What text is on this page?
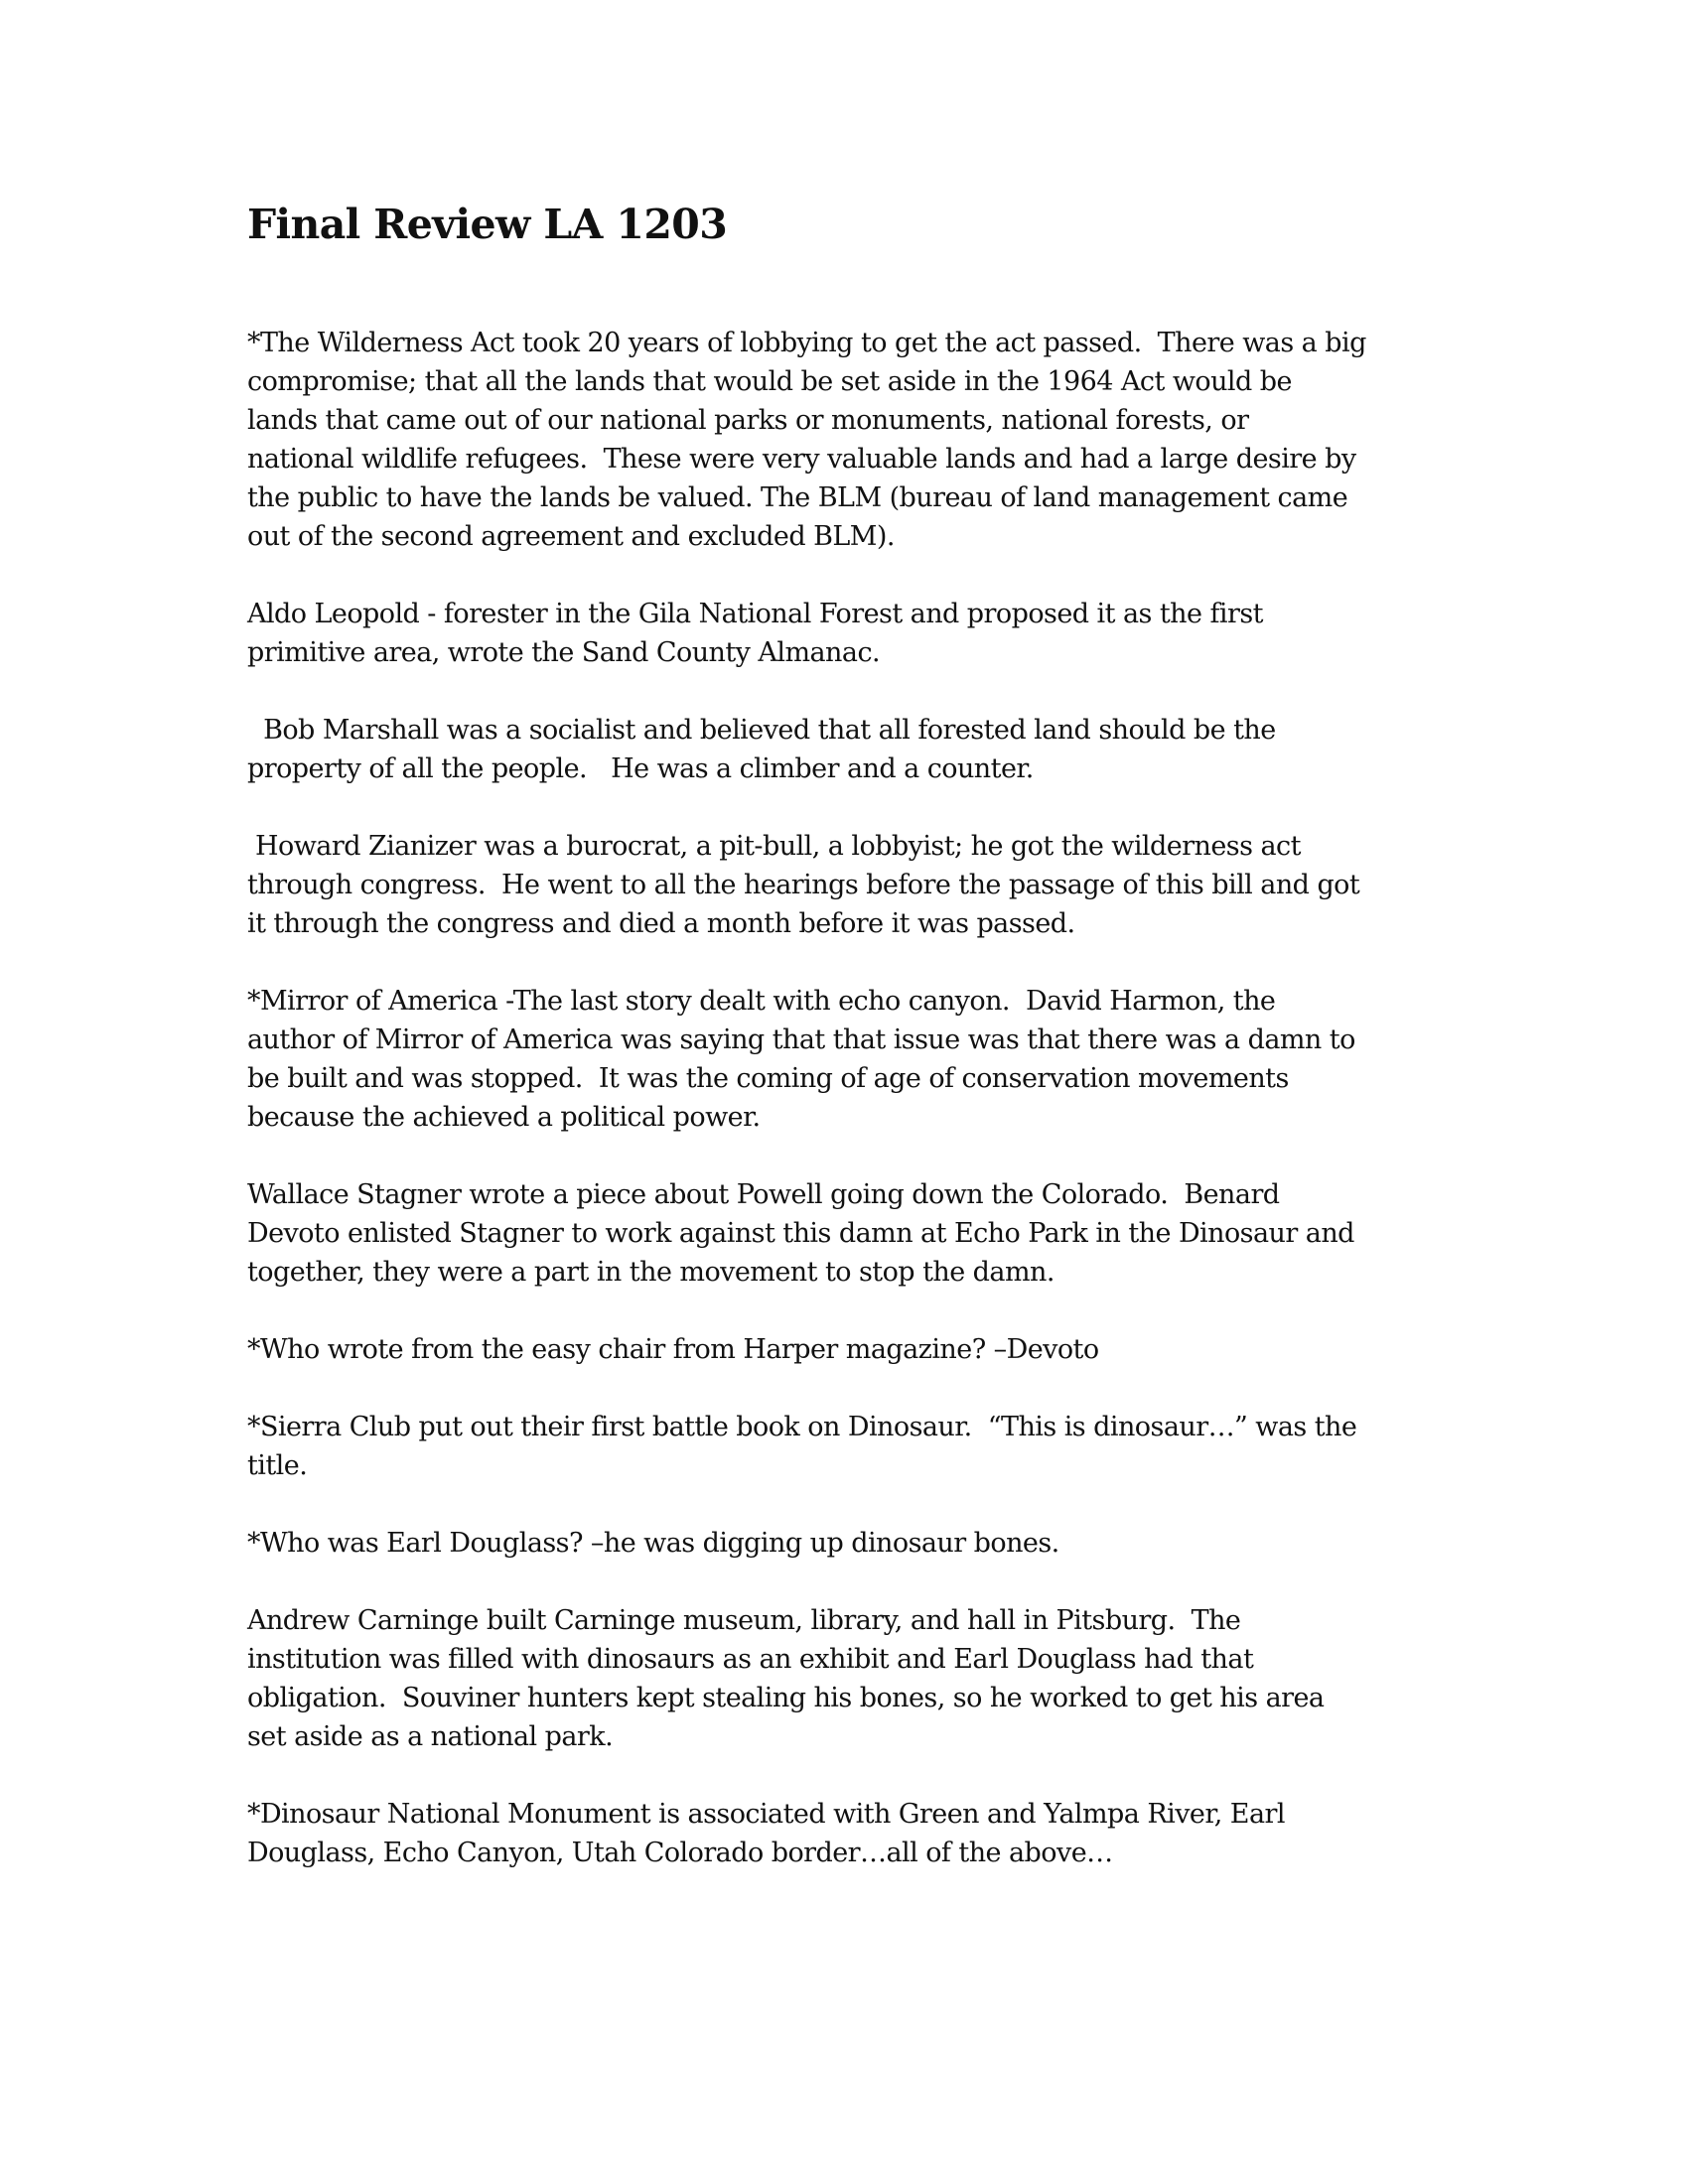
Final Review LA 1203

*The Wilderness Act took 20 years of lobbying to get the act passed.  There was a big
compromise; that all the lands that would be set aside in the 1964 Act would be
lands that came out of our national parks or monuments, national forests, or
national wildlife refugees.  These were very valuable lands and had a large desire by
the public to have the lands be valued. The BLM (bureau of land management came
out of the second agreement and excluded BLM).

Aldo Leopold - forester in the Gila National Forest and proposed it as the first
primitive area, wrote the Sand County Almanac.

Bob Marshall was a socialist and believed that all forested land should be the
property of all the people.   He was a climber and a counter.

Howard Zianizer was a burocrat, a pit-bull, a lobbyist; he got the wilderness act
through congress.  He went to all the hearings before the passage of this bill and got
it through the congress and died a month before it was passed.

*Mirror of America -The last story dealt with echo canyon.  David Harmon, the
author of Mirror of America was saying that that issue was that there was a damn to
be built and was stopped.  It was the coming of age of conservation movements
because the achieved a political power.

Wallace Stagner wrote a piece about Powell going down the Colorado.  Benard
Devoto enlisted Stagner to work against this damn at Echo Park in the Dinosaur and
together, they were a part in the movement to stop the damn.

*Who wrote from the easy chair from Harper magazine? –Devoto

*Sierra Club put out their first battle book on Dinosaur.  “This is dinosaur…” was the
title.

*Who was Earl Douglass? –he was digging up dinosaur bones.

Andrew Carninge built Carninge museum, library, and hall in Pitsburg.  The
institution was filled with dinosaurs as an exhibit and Earl Douglass had that
obligation.  Souviner hunters kept stealing his bones, so he worked to get his area
set aside as a national park.

*Dinosaur National Monument is associated with Green and Yalmpa River, Earl
Douglass, Echo Canyon, Utah Colorado border…all of the above…
